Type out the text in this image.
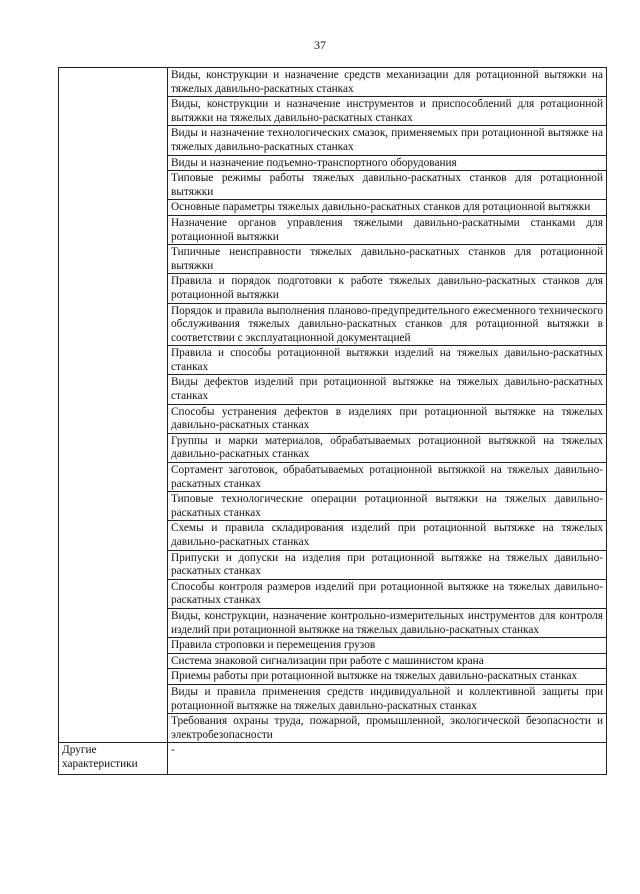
37
	Виды, конструкции и назначение средств механизации для ротационной вытяжки на тяжелых давильно-раскатных станках
	Виды, конструкции и назначение инструментов и приспособлений для ротационной вытяжки на тяжелых давильно-раскатных станках
	Виды и назначение технологических смазок, применяемых при ротационной вытяжке на тяжелых давильно-раскатных станках
	Виды и назначение подъемно-транспортного оборудования
	Типовые режимы работы тяжелых давильно-раскатных станков для ротационной вытяжки
	Основные параметры тяжелых давильно-раскатных станков для ротационной вытяжки
	Назначение органов управления тяжелыми давильно-раскатными станками для ротационной вытяжки
	Типичные неисправности тяжелых давильно-раскатных станков для ротационной вытяжки
	Правила и порядок подготовки к работе тяжелых давильно-раскатных станков для ротационной вытяжки
	Порядок и правила выполнения планово-предупредительного ежесменного технического обслуживания тяжелых давильно-раскатных станков для ротационной вытяжки в соответствии с эксплуатационной документацией
	Правила и способы ротационной вытяжки изделий на тяжелых давильно-раскатных станках
	Виды дефектов изделий при ротационной вытяжке на тяжелых давильно-раскатных станках
	Способы устранения дефектов в изделиях при ротационной вытяжке на тяжелых давильно-раскатных станках
	Группы и марки материалов, обрабатываемых ротационной вытяжкой на тяжелых давильно-раскатных станках
	Сортамент заготовок, обрабатываемых ротационной вытяжкой на тяжелых давильно-раскатных станках
	Типовые технологические операции ротационной вытяжки на тяжелых давильно-раскатных станках
	Схемы и правила складирования изделий при ротационной вытяжке на тяжелых давильно-раскатных станках
	Припуски и допуски на изделия при ротационной вытяжке на тяжелых давильно-раскатных станках
	Способы контроля размеров изделий при ротационной вытяжке на тяжелых давильно-раскатных станках
	Виды, конструкции, назначение контрольно-измерительных инструментов для контроля изделий при ротационной вытяжке на тяжелых давильно-раскатных станках
	Правила строповки и перемещения грузов
	Система знаковой сигнализации при работе с машинистом крана
	Приемы работы при ротационной вытяжке на тяжелых давильно-раскатных станках
	Виды и правила применения средств индивидуальной и коллективной защиты при ротационной вытяжке на тяжелых давильно-раскатных станках
	Требования охраны труда, пожарной, промышленной, экологической безопасности и электробезопасности
Другие характеристики	-
